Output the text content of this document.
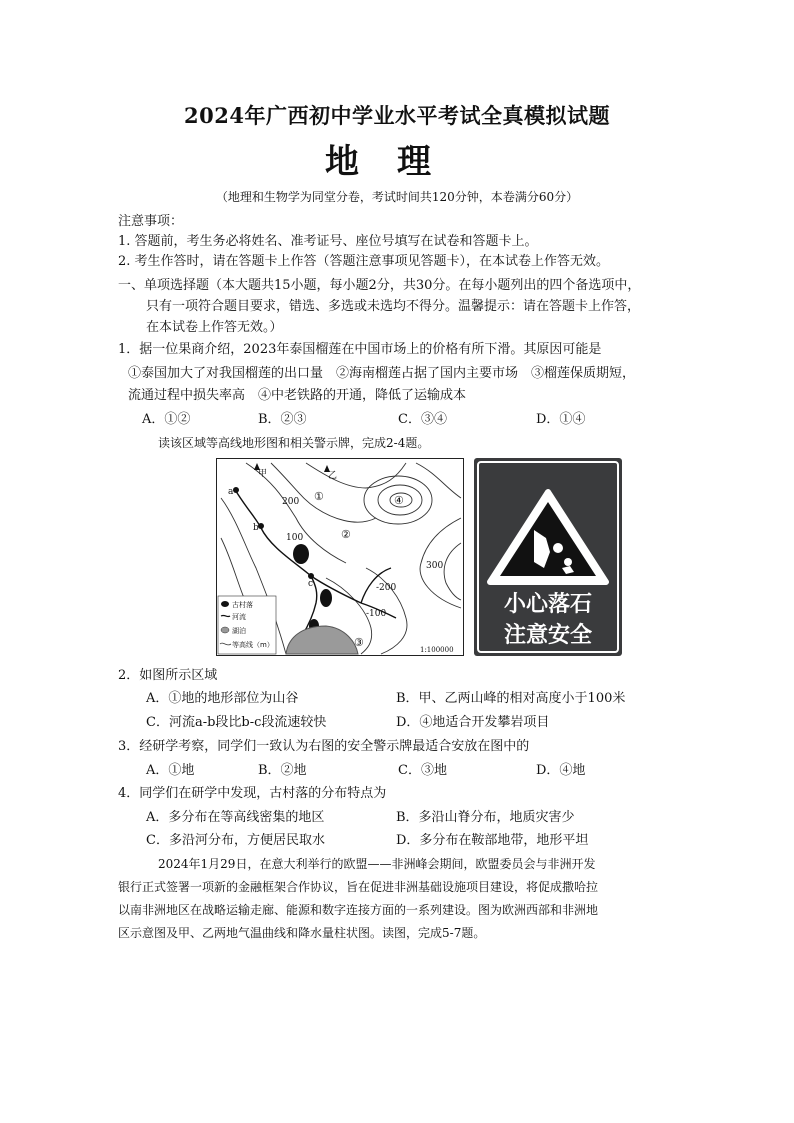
2024年广西初中学业水平考试全真模拟试题
地理
（地理和生物学为同堂分卷，考试时间共120分钟，本卷满分60分）
注意事项：
1. 答题前，考生务必将姓名、准考证号、座位号填写在试卷和答题卡上。
2. 考生作答时，请在答题卡上作答（答题注意事项见答题卡），在本试卷上作答无效。
一、单项选择题（本大题共15小题，每小题2分，共30分。在每小题列出的四个备选项中，
只有一项符合题目要求，错选、多选或未选均不得分。温馨提示：请在答题卡上作答，
在本试卷上作答无效。）
1．据一位果商介绍，2023年泰国榴莲在中国市场上的价格有所下滑。其原因可能是
①泰国加大了对我国榴莲的出口量　②海南榴莲占据了国内主要市场　③榴莲保质期短，
流通过程中损失率高　④中老铁路的开通，降低了运输成本
A．①②	B．②③	C．③④	D．①④
读该区域等高线地形图和相关警示牌，完成2-4题。
古村落
河流
湖泊
等高线（m）
甲	乙
a
b
c
200
100
300
-200
-100
①
②
③
④
1:100000
小心落石
注意安全
2．如图所示区域
A．①地的地形部位为山谷	B．甲、乙两山峰的相对高度小于100米
C．河流a-b段比b-c段流速较快	D．④地适合开发攀岩项目
3．经研学考察，同学们一致认为右图的安全警示牌最适合安放在图中的
A．①地	B．②地	C．③地	D．④地
4．同学们在研学中发现，古村落的分布特点为
A．多分布在等高线密集的地区	B．多沿山脊分布，地质灾害少
C．多沿河分布，方便居民取水	D．多分布在鞍部地带，地形平坦
2024年1月29日，在意大利举行的欧盟——非洲峰会期间，欧盟委员会与非洲开发
银行正式签署一项新的金融框架合作协议，旨在促进非洲基础设施项目建设，将促成撒哈拉
以南非洲地区在战略运输走廊、能源和数字连接方面的一系列建设。图为欧洲西部和非洲地
区示意图及甲、乙两地气温曲线和降水量柱状图。读图，完成5-7题。
